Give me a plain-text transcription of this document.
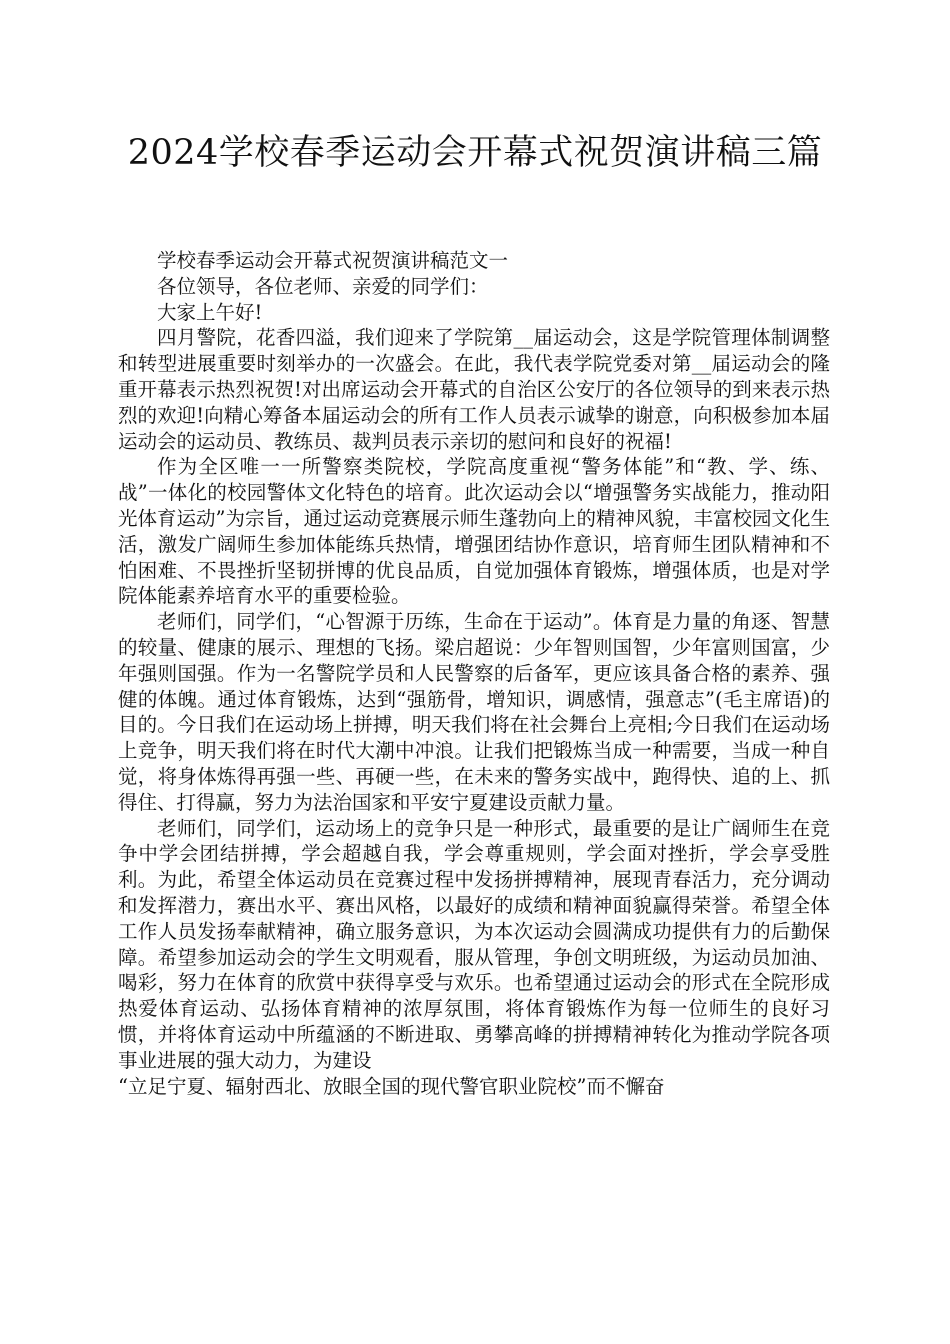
2024学校春季运动会开幕式祝贺演讲稿三篇

学校春季运动会开幕式祝贺演讲稿范文一

各位领导，各位老师、亲爱的同学们：

大家上午好!

四月警院，花香四溢，我们迎来了学院第__届运动会，这是学院管理体制调整和转型进展重要时刻举办的一次盛会。在此，我代表学院党委对第__届运动会的隆重开幕表示热烈祝贺!对出席运动会开幕式的自治区公安厅的各位领导的到来表示热烈的欢迎!向精心筹备本届运动会的所有工作人员表示诚挚的谢意，向积极参加本届运动会的运动员、教练员、裁判员表示亲切的慰问和良好的祝福!

作为全区唯一一所警察类院校，学院高度重视“警务体能”和“教、学、练、战”一体化的校园警体文化特色的培育。此次运动会以“增强警务实战能力，推动阳光体育运动”为宗旨，通过运动竞赛展示师生蓬勃向上的精神风貌，丰富校园文化生活，激发广阔师生参加体能练兵热情，增强团结协作意识，培育师生团队精神和不怕困难、不畏挫折坚韧拼博的优良品质，自觉加强体育锻炼，增强体质，也是对学院体能素养培育水平的重要检验。

老师们，同学们，“心智源于历练，生命在于运动”。体育是力量的角逐、智慧的较量、健康的展示、理想的飞扬。梁启超说：少年智则国智，少年富则国富，少年强则国强。作为一名警院学员和人民警察的后备军，更应该具备合格的素养、强健的体魄。通过体育锻炼，达到“强筋骨，增知识，调感情，强意志”(毛主席语)的目的。今日我们在运动场上拼搏，明天我们将在社会舞台上亮相;今日我们在运动场上竞争，明天我们将在时代大潮中冲浪。让我们把锻炼当成一种需要，当成一种自觉，将身体炼得再强一些、再硬一些，在未来的警务实战中，跑得快、追的上、抓得住、打得赢，努力为法治国家和平安宁夏建设贡献力量。

老师们，同学们，运动场上的竞争只是一种形式，最重要的是让广阔师生在竞争中学会团结拼搏，学会超越自我，学会尊重规则，学会面对挫折，学会享受胜利。为此，希望全体运动员在竞赛过程中发扬拼搏精神，展现青春活力，充分调动和发挥潜力，赛出水平、赛出风格，以最好的成绩和精神面貌赢得荣誉。希望全体工作人员发扬奉献精神，确立服务意识，为本次运动会圆满成功提供有力的后勤保障。希望参加运动会的学生文明观看，服从管理，争创文明班级，为运动员加油、喝彩，努力在体育的欣赏中获得享受与欢乐。也希望通过运动会的形式在全院形成热爱体育运动、弘扬体育精神的浓厚氛围，将体育锻炼作为每一位师生的良好习惯，并将体育运动中所蕴涵的不断进取、勇攀高峰的拼搏精神转化为推动学院各项事业进展的强大动力，为建设

“立足宁夏、辐射西北、放眼全国的现代警官职业院校”而不懈奋
